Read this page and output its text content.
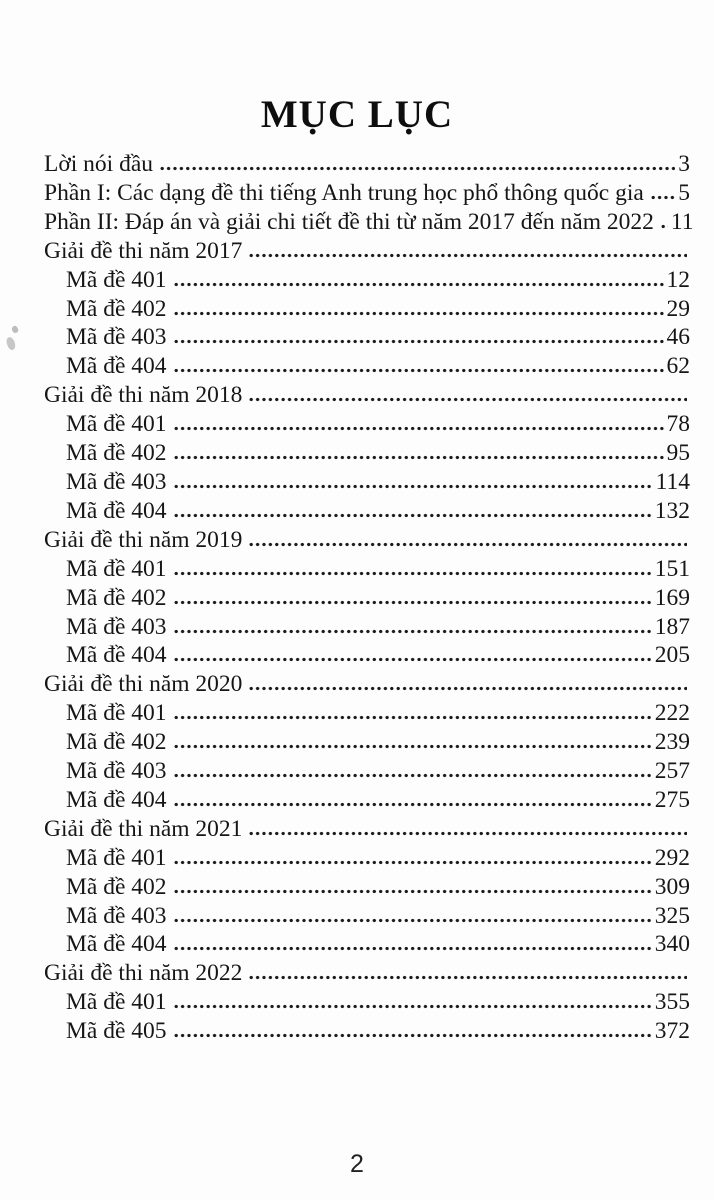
MỤC LỤC
Lời nói đầu	3
Phần I: Các dạng đề thi tiếng Anh trung học phổ thông quốc gia 5
Phần II: Đáp án và giải chi tiết đề thi từ năm 2017 đến năm 2022 11
Giải đề thi năm 2017
Mã đề 401	12
Mã đề 402	29
Mã đề 403	46
Mã đề 404	62
Giải đề thi năm 2018
Mã đề 401	78
Mã đề 402	95
Mã đề 403	114
Mã đề 404	132
Giải đề thi năm 2019
Mã đề 401	151
Mã đề 402	169
Mã đề 403	187
Mã đề 404	205
Giải đề thi năm 2020
Mã đề 401	222
Mã đề 402	239
Mã đề 403	257
Mã đề 404	275
Giải đề thi năm 2021
Mã đề 401	292
Mã đề 402	309
Mã đề 403	325
Mã đề 404	340
Giải đề thi năm 2022
Mã đề 401	355
Mã đề 405	372
2
